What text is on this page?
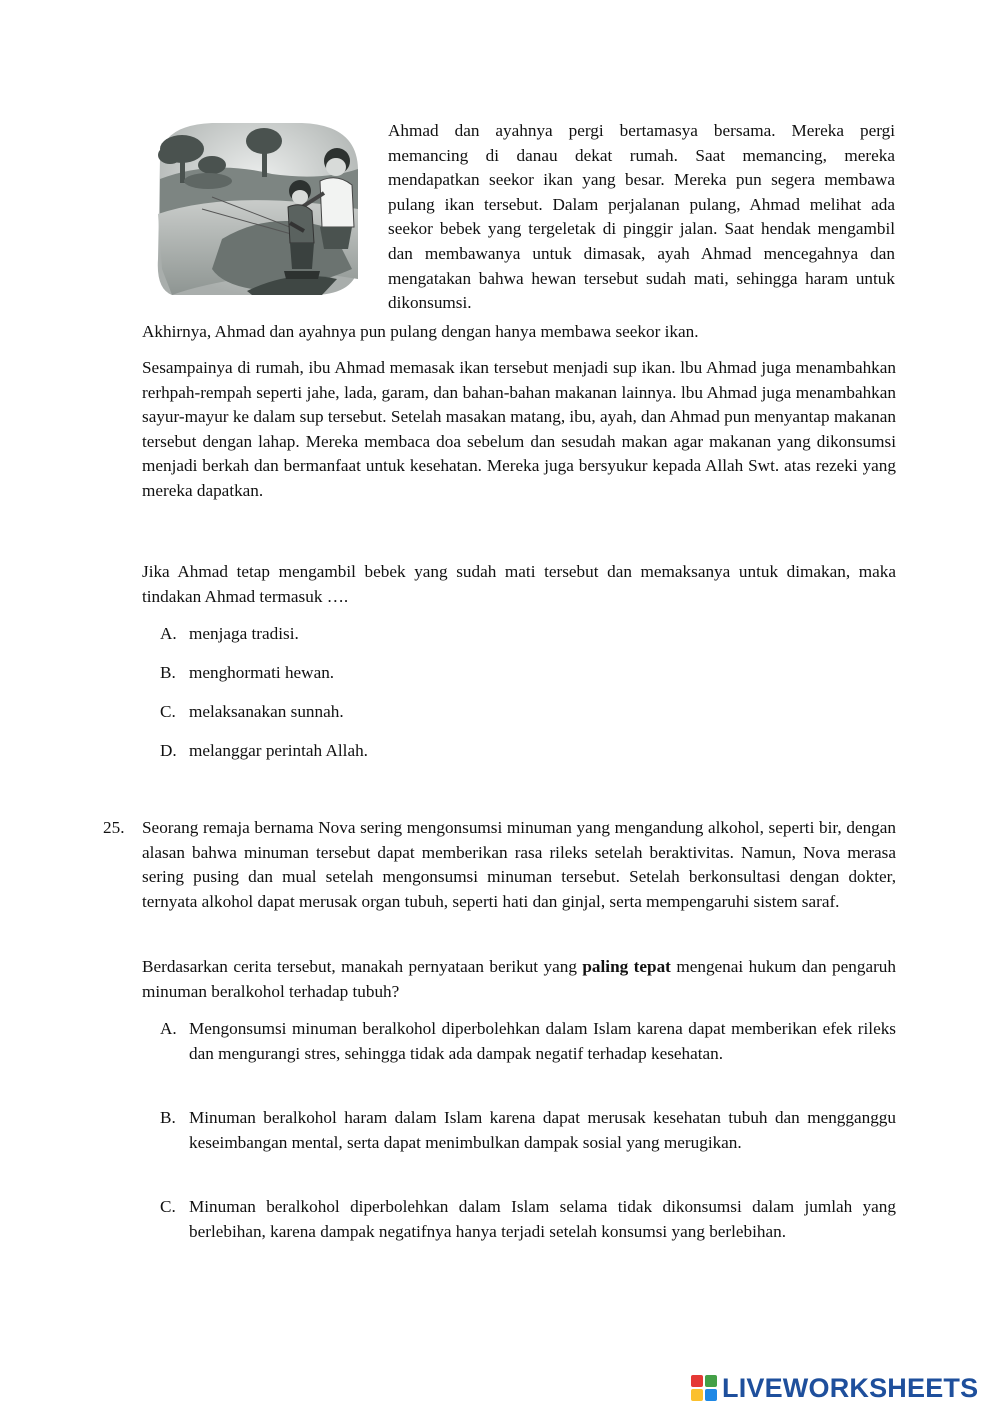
Ahmad dan ayahnya pergi bertamasya bersama. Mereka pergi memancing di danau dekat rumah. Saat memancing, mereka mendapatkan seekor ikan yang besar. Mereka pun segera membawa pulang ikan tersebut. Dalam perjalanan pulang, Ahmad melihat ada seekor bebek yang tergeletak di pinggir jalan. Saat hendak mengambil dan membawanya untuk dimasak, ayah Ahmad mencegahnya dan mengatakan bahwa hewan tersebut sudah mati, sehingga haram untuk dikonsumsi.
Akhirnya, Ahmad dan ayahnya pun pulang dengan hanya membawa seekor ikan.
Sesampainya di rumah, ibu Ahmad memasak ikan tersebut menjadi sup ikan. lbu Ahmad juga menambahkan rerhpah-rempah seperti jahe, lada, garam, dan bahan-bahan makanan lainnya. lbu Ahmad juga menambahkan sayur-mayur ke dalam sup tersebut. Setelah masakan matang, ibu, ayah, dan Ahmad pun menyantap makanan tersebut dengan lahap. Mereka membaca doa sebelum dan sesudah makan agar makanan yang dikonsumsi menjadi berkah dan bermanfaat untuk kesehatan. Mereka juga bersyukur kepada Allah Swt. atas rezeki yang mereka dapatkan.
Jika Ahmad tetap mengambil bebek yang sudah mati tersebut dan memaksanya untuk dimakan, maka tindakan Ahmad termasuk ….
A. menjaga tradisi.
B. menghormati hewan.
C. melaksanakan sunnah.
D. melanggar perintah Allah.
25.	Seorang remaja bernama Nova sering mengonsumsi minuman yang mengandung alkohol, seperti bir, dengan alasan bahwa minuman tersebut dapat memberikan rasa rileks setelah beraktivitas. Namun, Nova merasa sering pusing dan mual setelah mengonsumsi minuman tersebut. Setelah berkonsultasi dengan dokter, ternyata alkohol dapat merusak organ tubuh, seperti hati dan ginjal, serta mempengaruhi sistem saraf.
Berdasarkan cerita tersebut, manakah pernyataan berikut yang paling tepat mengenai hukum dan pengaruh minuman beralkohol terhadap tubuh?
A. Mengonsumsi minuman beralkohol diperbolehkan dalam Islam karena dapat memberikan efek rileks dan mengurangi stres, sehingga tidak ada dampak negatif terhadap kesehatan.
B. Minuman beralkohol haram dalam Islam karena dapat merusak kesehatan tubuh dan mengganggu keseimbangan mental, serta dapat menimbulkan dampak sosial yang merugikan.
C. Minuman beralkohol diperbolehkan dalam Islam selama tidak dikonsumsi dalam jumlah yang berlebihan, karena dampak negatifnya hanya terjadi setelah konsumsi yang berlebihan.
LIVEWORKSHEETS
